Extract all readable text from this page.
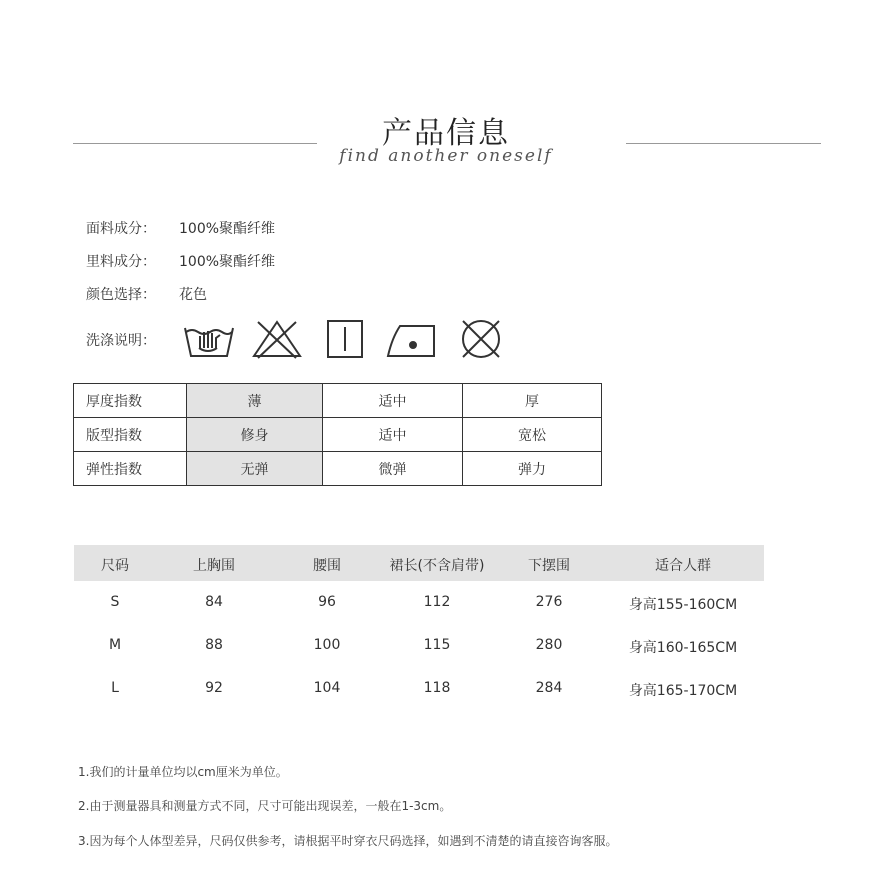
产品信息
find another oneself
面料成分： 100%聚酯纤维
里料成分： 100%聚酯纤维
颜色选择： 花色
洗涤说明：
厚度指数	薄	适中	厚
版型指数	修身	适中	宽松
弹性指数	无弹	微弹	弹力
尺码	上胸围	腰围	裙长(不含肩带)	下摆围	适合人群
S	84	96	112	276	身高155-160CM
M	88	100	115	280	身高160-165CM
L	92	104	118	284	身高165-170CM
1.我们的计量单位均以cm厘米为单位。
2.由于测量器具和测量方式不同，尺寸可能出现误差，一般在1-3cm。
3.因为每个人体型差异，尺码仅供参考，请根据平时穿衣尺码选择，如遇到不清楚的请直接咨询客服。
